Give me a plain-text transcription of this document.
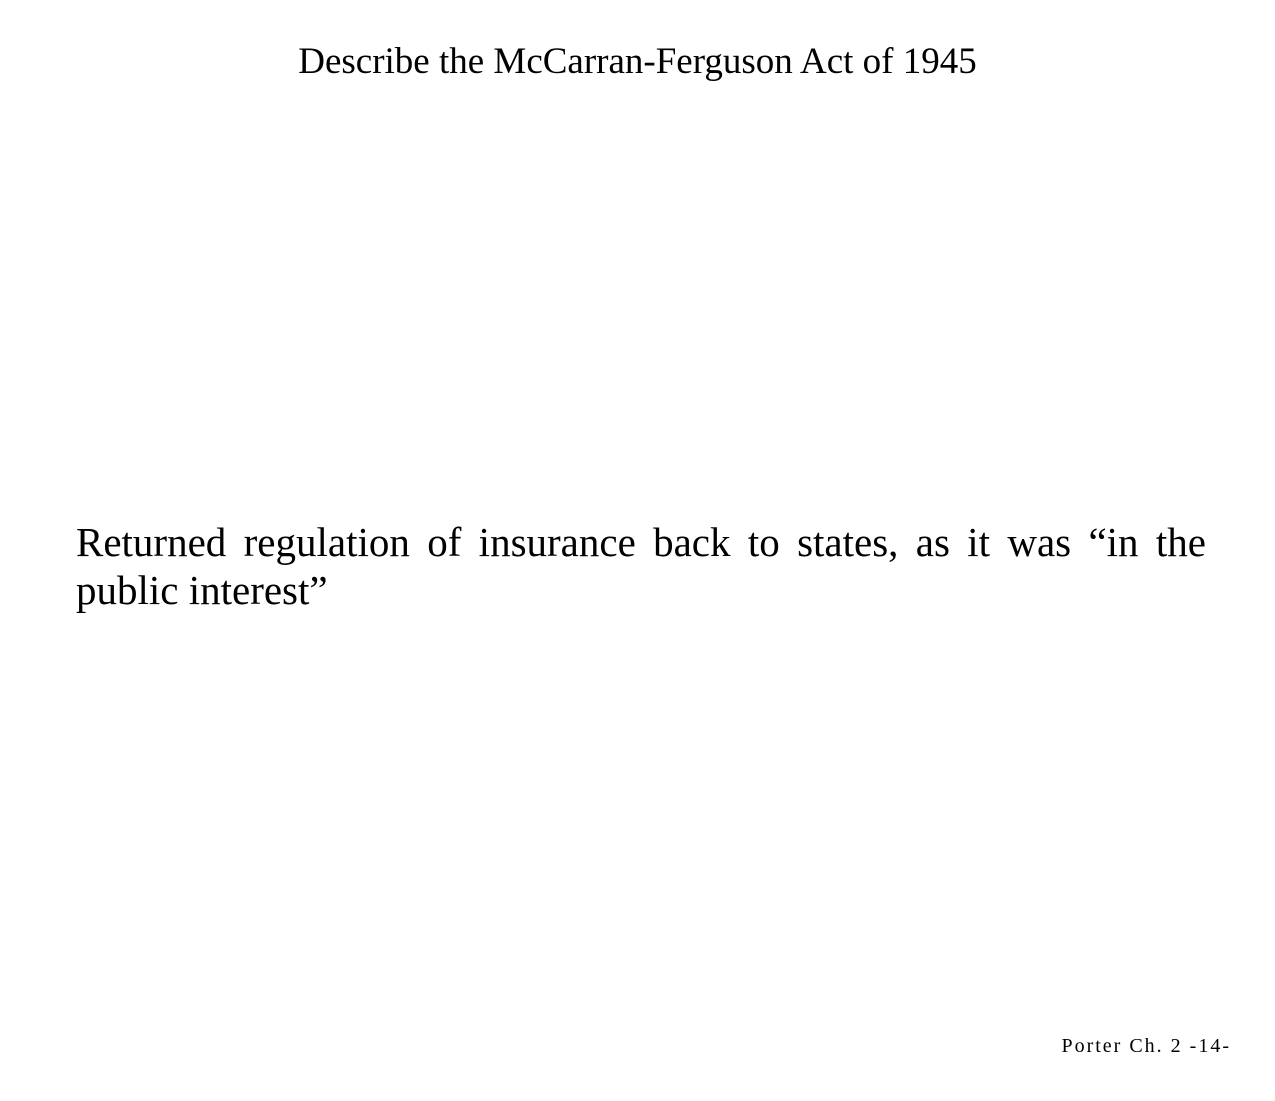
Describe the McCarran-Ferguson Act of 1945
Returned regulation of insurance back to states, as it was “in the public interest”
Porter Ch. 2 -14-
